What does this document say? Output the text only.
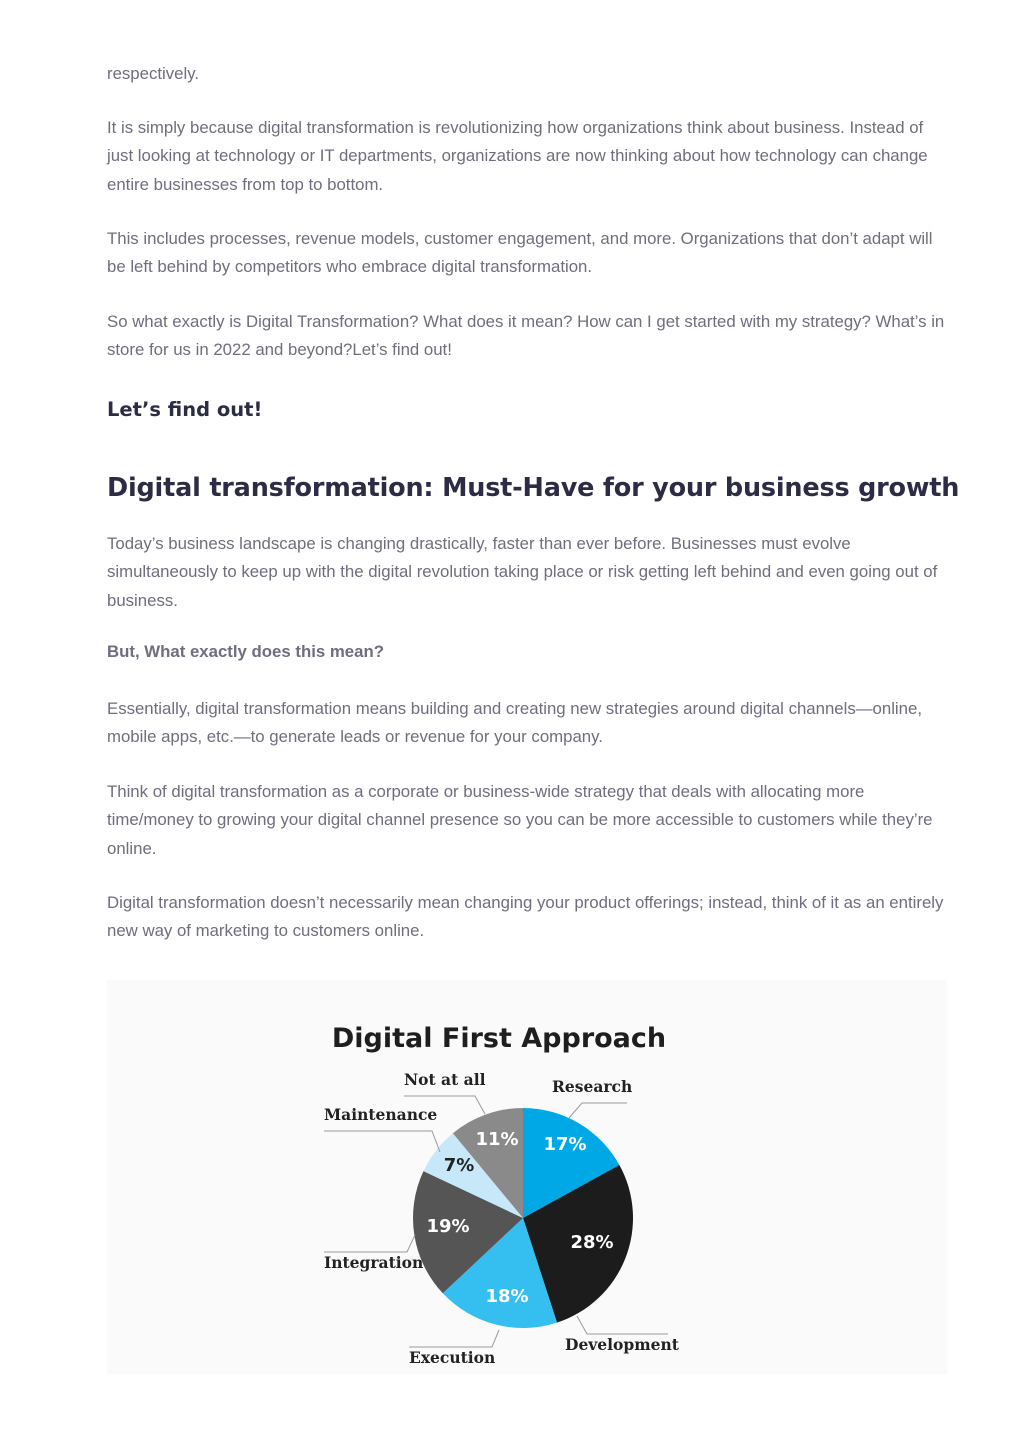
respectively.

It is simply because digital transformation is revolutionizing how organizations think about business. Instead of just looking at technology or IT departments, organizations are now thinking about how technology can change entire businesses from top to bottom.

This includes processes, revenue models, customer engagement, and more. Organizations that don’t adapt will be left behind by competitors who embrace digital transformation.

So what exactly is Digital Transformation? What does it mean? How can I get started with my strategy? What’s in store for us in 2022 and beyond?Let’s find out!

Let’s find out!
Digital transformation: Must-Have for your business growth

Today’s business landscape is changing drastically, faster than ever before. Businesses must evolve simultaneously to keep up with the digital revolution taking place or risk getting left behind and even going out of business.

But, What exactly does this mean?

Essentially, digital transformation means building and creating new strategies around digital channels—online, mobile apps, etc.—to generate leads or revenue for your company.

Think of digital transformation as a corporate or business-wide strategy that deals with allocating more time/money to growing your digital channel presence so you can be more accessible to customers while they’re online.

Digital transformation doesn’t necessarily mean changing your product offerings; instead, think of it as an entirely new way of marketing to customers online.

Digital First Approach
17%
Research
28%
Development
18%
Execution
19%
Integration
7%
Maintenance
11%
Not at all
